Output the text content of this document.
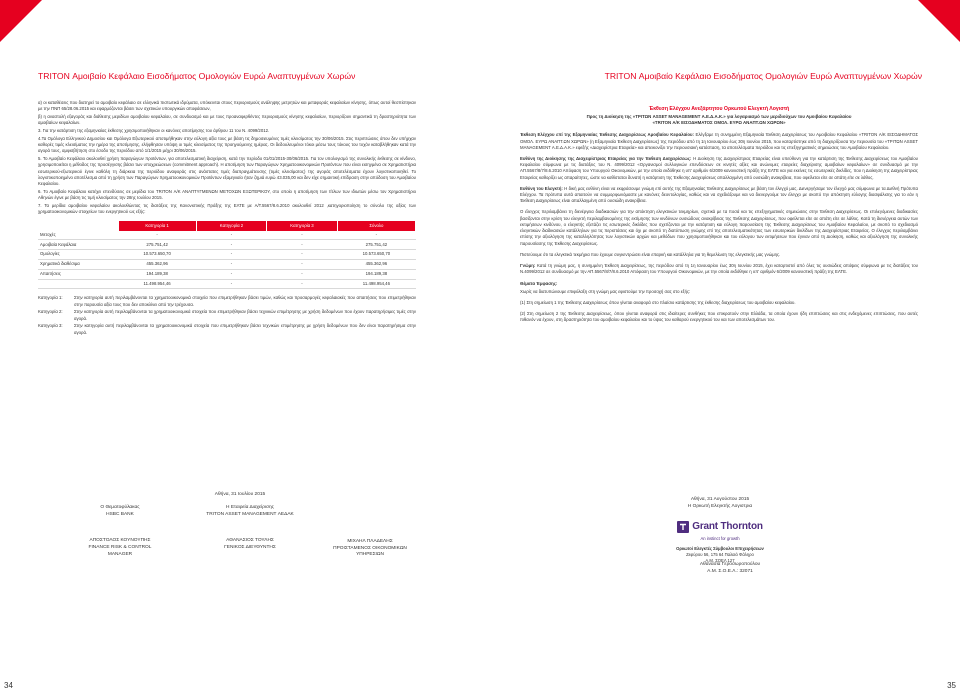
TRITON Αμοιβαίο Κεφάλαιο Εισοδήματος Ομολογιών Ευρώ Αναπτυγμένων Χωρών

α) οι καταθέσεις που διατηρεί το αμοιβαίο κεφάλαιο σε ελληνικά πιστωτικά ιδρύματα, υπόκεινται στους περιορισμούς ανάληψης μετρητών και μεταφοράς κεφαλαίων κίνησης, όπως αυτοί θεσπίστηκαν με την ΠΝΠ 65/28.06.2015 και εφαρμόζονται βάσει των σχετικών υπουργικών αποφάσεων,

β) η αναστολή εξαγοράς και διάθεσης μεριδίων αμοιβαίου κεφαλαίου, σε συνδυασμό και με τους προαναφερθέντες περιορισμούς κίνησης κεφαλαίων, περιορίζουν σημαντικά τη δραστηριότητα των αμοιβαίων κεφαλαίων.

3. Για την κατάρτιση της εξαμηνιαίας έκθεσης χρησιμοποιήθηκαν οι κανόνες αποτίμησης του άρθρου 11 του Ν. 4099/2012.

4.Τα Ομόλογα Ελληνικού Δημοσίου και Ομόλογα Εξωτερικού αποτιμήθηκαν στην εύλογη αξία τους με βάση τις δημοσιευμένες τιμές κλεισίματος την 30/06/2015. Στις περιπτώσεις όπου δεν υπήρχαν καθορές τιμές κλεισίματος την ημέρα της αποτίμησης, ελήφθησαν υπόψη οι τιμές κλεισίματος της προηγούμενης ημέρας. Οι δεδουλευμένοι τόκοι μέσω τους τόκους του τυχόν καταβλήθηκαν κατά την αγορά τους, αμφισβήτηση στο έσοδο της περιόδου από 1/1/2015 μέχρι 30/06/2015.

5. Το Αμοιβαίο Κεφάλαιο ακολουθεί χρήση παραγώγων προϊόντων, για αποτελεσματική διαχείριση, κατά την περίοδο 01/01/2015-30/06/2015. Για τον υπολογισμό της συνολικής έκθεσης σε κίνδυνο, χρησιμοποιείται η μέθοδος της προσέγγισης βάσει των υποχρεώσεων (commitment approach). Η αποτίμηση των Παραγώγων Χρηματοοικονομικών Προϊόντων που είναι εισηγμένα σε Χρηματιστήρια εσωτερικού-εξωτερικού έγινε καθόλη τη διάρκεια της περιόδου αναφοράς στις ανάστατες τιμές διαπραγμάτευσης (τιμές κλεισίματος) της αγοράς αποτελέσματα έχουν λογιστικοποιηθεί. Το λογιστικοποιημένο αποτέλεσμα από τη χρήση των Παραγώγων Χρηματοοικονομικών Προϊόντων εξαμηνιαίο ήταν ζημιά ευρώ 43.035,00 και δεν είχε σημαντική επίδραση στην απόδοση του Αμοιβαίου Κεφαλαίου.

6. Το Αμοιβαίο Κεφάλαιο κατέχει επενδύσεις σε μερίδια του TRITON Α/Κ ΑΝΑΠΤΥΓΜΕΝΩΝ ΜΕΤΟΧΩΝ ΕΞΩΤΕΡΙΚΟΥ, στο οποίο η αποτίμηση των τίτλων των ιδιωτών μέσω τον Χρηματιστήριο Αθηνών έγινε με βάση τις τιμή κλεισίματος την 28ης Ιουλίου 2015.

7. Τα μερίδια αμοιβαίου κεφαλαίου ακολουθώντας τις διατάξεις της Κανονιστικής Πράξης της ΕΛΤΕ με Α/Τ.5567/8.6.2010 ακολουθεί 2012 ,κατηγοριοποίηση το σύνολο της αξίας των χρηματοοικονομικών στοιχείων του ενεργητικού ως εξής:

	Κατηγορία 1	Κατηγορία 2	Κατηγορία 3	Σύνολο
Μετοχές	-	-	-	-
Αμοιβαία Κεφάλαια	275.751,42	-	-	275.751,42
Ομολογίες	10.573.650,70	-	-	10.573.650,70
Χρηματικά διαθέσιμα	455.362,96	-	-	455.362,96
Απαιτήσεις	194.189,38	-	-	194.189,38
	11.498.954,46	-	-	11.498.954,46
Κατηγορία 1:	Στην κατηγορία αυτή περιλαμβάνονται τα χρηματοοικονομικά στοιχεία που επιμετρήθηκαν βάσει τιμών, καθώς και προσαρμογές κεφαλαιακές που απαιτήσεις που επιμετρήθηκαν στην παρουσία αξία τους που δεν αποκλίνει από την τρέχουσα.
Κατηγορία 2:	Στην κατηγορία αυτή περιλαμβάνονται τα χρηματοοικονομικά στοιχεία που επιμετρήθηκαν βάσει τεχνικών επιμέτρησης με χρήση δεδομένων που έχουν παρατηρήσιμες τιμές στην αγορά.
Κατηγορία 3:	Στην κατηγορία αυτή περιλαμβάνονται τα χρηματοοικονομικά στοιχεία που επιμετρήθηκαν βάσει τεχνικών επιμέτρησης με χρήση δεδομένων που δεν είναι παρατηρήσιμα στην αγορά.
Αθήνα, 31 Ιουλίου 2015
Ο Θεματοφύλακας
HSBC BANK
ΑΠΟΣΤΟΛΟΣ ΚΟΥΝΟΥΠΗΣ
FINANCE RISK & CONTROL
MANAGER
Η Εταιρεία Διαχείρισης
TRITON ASSET MANAGEMENT ΑΕΔΑΚ
ΑΘΑΝΑΣΙΟΣ ΤΟΥΛΗΣ
ΓΕΝΙΚΟΣ ΔΙΕΥΘΥΝΤΗΣ
ΜΙΧΑΗΛ ΠΛΑΔΕΛΗΣ
ΠΡΟΙΣΤΑΜΕΝΟΣ ΟΙΚΟΝΟΜΙΚΩΝ
ΥΠΗΡΕΣΙΩΝ
34
TRITON Αμοιβαίο Κεφάλαιο Εισοδήματος Ομολογιών Ευρώ Αναπτυγμένων Χωρών
Έκθεση Ελέγχου Ανεξάρτητου Ορκωτού Ελεγκτή Λογιστή
Προς τη Διοίκηση της «ΤΡΙΤΩΝ ASSET MANAGEMENT Α.Ε.Δ.Α.Κ.» για λογαριασμό των μεριδιούχων του Αμοιβαίου Κεφαλαίου
«TRITON Α/Κ ΕΙΣΟΔΗΜΑΤΟΣ ΟΜΟΛ. ΕΥΡΩ ΑΝΑΠΤ.ΩΝ ΧΩΡΩΝ»

Έκθεση Ελέγχου επί της Εξαμηνιαίας Έκθεσης Διαχειρίσεως Αμοιβαίου Κεφαλαίου: Ελέγξαμε τη συνημμένη Εξαμηνιαία Έκθεση Διαχειρίσεως του Αμοιβαίου Κεφαλαίου «TRITON Α/Κ ΕΙΣΟΔΗΜΑΤΟΣ ΟΜΟΛ. ΕΥΡΩ ΑΝΑΠΤ.ΩΝ ΧΩΡΩΝ» (η Εξαμηνιαία Έκθεση Διαχειρίσεως) της περιόδου από τη 1η Ιανουαρίου έως 30η Ιουνίου 2015, που καταρτίστηκε από τη διαχειρίζουσα την περιουσία του «ΤΡΙΤΩΝ ASSET MANAGEMENT Α.Ε.Δ.Α.Κ.» εφεξής «Διαχειρίστρια Εταιρεία» και απεικονίζει την περιουσιακή κατάσταση, τα αποτελέσματα περιόδου και τις επεξηγηματικές σημειώσεις του Αμοιβαίου Κεφαλαίου.

Ευθύνη της Διοίκησης της Διαχειρίστριας Εταιρείας για την Έκθεση Διαχειρίσεως: Η Διοίκηση της Διαχειρίστριας Εταιρείας είναι υπεύθυνη για την κατάρτιση της Έκθεσης Διαχειρίσεως του Αμοιβαίου Κεφαλαίου σύμφωνα με τις διατάξεις του Ν. 4099/2012 «Οργανισμοί συλλογικών επενδύσεων σε κινητές αξίες και ανώνυμες εταιρείες διαχείρισης αμοιβαίων κεφαλαίων» σε συνδυασμό με την ΑΠ.5567/8/7/8.6.2010 Απόφαση του Υπουργού Οικονομικών, με την οποία εκδόθηκε η υπ' αριθμόν 6/2009 κανονιστική πράξη της ΕΛΤΕ και για εκείνες τις εσωτερικές δικλίδες, που η Διοίκηση της Διαχειρίστριας Εταιρείας καθορίζει ως απαραίτητες, ώστε να καθίσταται δυνατή η κατάρτιση της Έκθεσης Διαχειρίσεως απαλλαγμένη από ουσιώδη ανακρίβεια, που οφείλεται είτε σε απάτη είτε σε λάθος.

Ευθύνη του Ελεγκτή: Η δική μας ευθύνη είναι να εκφράσουμε γνώμη επί αυτής της Εξαμηνιαίας Έκθεσης Διαχειρίσεως με βάση τον έλεγχό μας. Διενεργήσαμε τον έλεγχό μας σύμφωνα με τα Διεθνή Πρότυπα Ελέγχου. Τα πρότυπα αυτά απαιτούν να συμμορφωνόμαστε με κανόνες δεοντολογίας, καθώς και να σχεδιάζουμε και να διενεργούμε τον έλεγχο με σκοπό την απόκτηση εύλογης διασφάλισης για το εάν η Έκθεση Διαχειρίσεως είναι απαλλαγμένη από ουσιώδη ανακρίβεια.

Ο έλεγχος περιλαμβάνει τη διενέργεια διαδικασιών για την απόκτηση ελεγκτικών τεκμηρίων, σχετικά με τα ποσά και τις επεξηγηματικές σημειώσεις στην Έκθεση Διαχειρίσεως. Οι επιλεγόμενες διαδικασίες βασίζονται στην κρίση του ελεγκτή περιλαμβανομένης της εκτίμησης των κινδύνων ουσιώδους ανακρίβειας της Έκθεσης Διαχειρίσεως, που οφείλεται είτε σε απάτη είτε σε λάθος. Κατά τη διενέργεια αυτών των εκτιμήσεων κινδύνου, ο ελεγκτής εξετάζει τις εσωτερικές δικλίδες που σχετίζονται με την κατάρτιση και εύλογη παρουσίαση της Έκθεσης Διαχειρίσεως του Αμοιβαίου Κεφαλαίου, με σκοπό το σχεδιασμό ελεγκτικών διαδικασιών κατάλληλων για τις περιστάσεις και όχι με σκοπό τη διατύπωση γνώμης επί της αποτελεσματικότητας των εσωτερικών δικλίδων της Διαχειρίστριας Εταιρείας. Ο έλεγχος περιλαμβάνει επίσης την αξιολόγηση της καταλληλότητας των λογιστικών αρχών και μεθόδων που χρησιμοποιήθηκαν και του εύλογου των εκτιμήσεων που έγιναν από τη Διοίκηση, καθώς και αξιολόγηση της συνολικής παρουσίασης της Έκθεσης Διαχειρίσεως.

Πιστεύουμε ότι τα ελεγκτικά τεκμήρια που έχουμε συγκεντρώσει είναι επαρκή και κατάλληλα για τη θεμελίωση της ελεγκτικής μας γνώμης.

Γνώμη: Κατά τη γνώμη μας, η συνημμένη Έκθεση Διαχειρίσεως, της περιόδου από τη 1η Ιανουαρίου έως 30η Ιουνίου 2015, έχει καταρτιστεί από όλες τις ουσιώδεις απόψεις σύμφωνα με τις διατάξεις του Ν.4099/2012 σε συνδυασμό με την ΑΠ.5567/8/7/8.6.2010 Απόφαση του Υπουργού Οικονομικών, με την οποία εκδόθηκε η υπ' αριθμόν 6/2009 κανονιστική πράξη της ΕΛΤΕ.

Θέματα Έμφασης:

Χωρίς να διατυπώνουμε επιφύλαξη στη γνώμη μας εφιστούμε την προσοχή σας στο εξής:

(1) Στη σημείωση 1 της Έκθεσης Διαχειρίσεως όπου γίνεται αναφορά στο πλαίσιο κατάρτισης της έκθεσης διαχειρίσεως του αμοιβαίου κεφαλαίου.

(2) Στη σημείωση 2 της Έκθεσης Διαχειρίσεως, όπου γίνεται αναφορά στις ιδιαίτερες συνθήκες που επικρατούν στην Ελλάδα, τα οποία έχουν ήδη επιπτώσεις και στις ενδεχόμενες επιπτώσεις, που αυτές πιθανόν να έχουν, στη δραστηριότητα του αμοιβαίου κεφαλαίου και το ύψος του καθαρού ενεργητικού του και των αποτελεσμάτων του.

Αθήνα, 31 Αυγούστου 2015
Η Ορκωτή Ελεγκτής Λογιστρια
Grant Thornton
An instinct for growth
Ορκωτοί Ελεγκτές Σύμβουλοι Επιχειρήσεων
Ζεφύρου 56, 175 64 Παλαιό Φάληρο
Α.Μ. ΣΟΕΛ 127
Αθανασία Γεροσωροπούλου
Α.Μ. Σ.Ο.Ε.Λ.: 32071
35
